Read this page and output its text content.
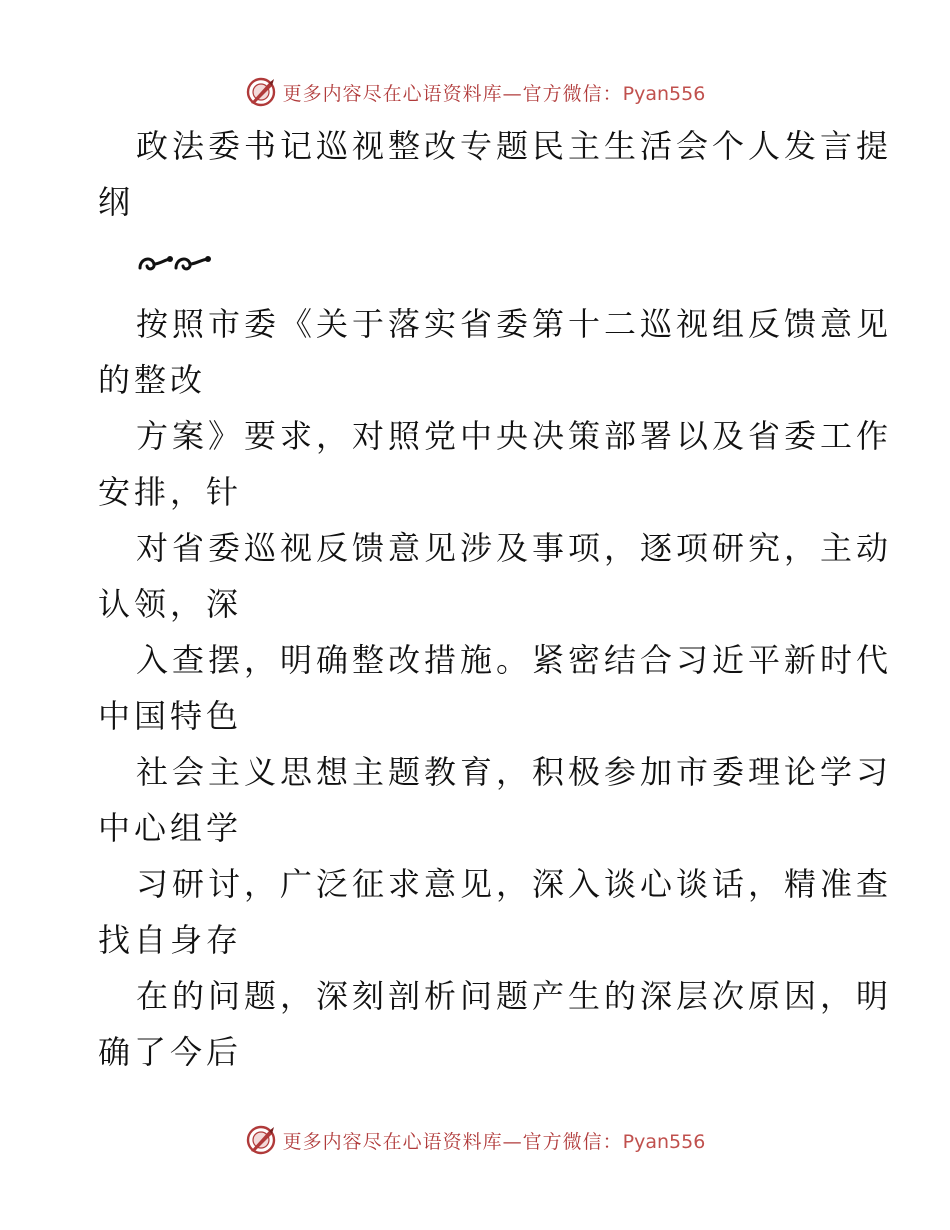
更多内容尽在心语资料库—官方微信：Pyan556
政法委书记巡视整改专题民主生活会个人发言提
纲
按照市委《关于落实省委第十二巡视组反馈意见
的整改
方案》要求，对照党中央决策部署以及省委工作
安排，针
对省委巡视反馈意见涉及事项，逐项研究，主动
认领，深
入查摆，明确整改措施。紧密结合习近平新时代
中国特色
社会主义思想主题教育，积极参加市委理论学习
中心组学
习研讨，广泛征求意见，深入谈心谈话，精准查
找自身存
在的问题，深刻剖析问题产生的深层次原因，明
确了今后
更多内容尽在心语资料库—官方微信：Pyan556
